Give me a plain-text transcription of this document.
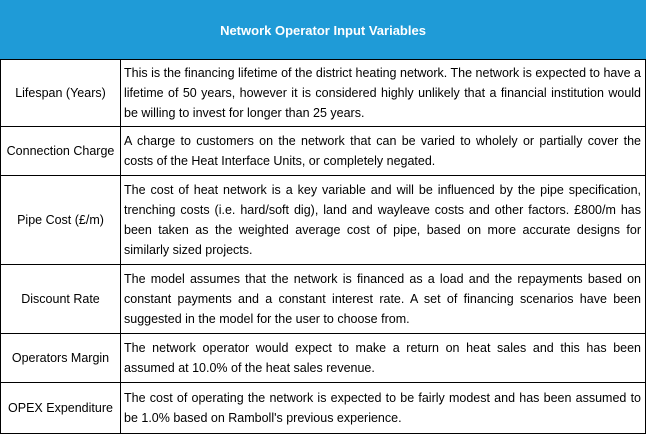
Network Operator Input Variables	
Lifespan (Years)	This is the financing lifetime of the district heating network. The network is expected to have a lifetime of 50 years, however it is considered highly unlikely that a financial institution would be willing to invest for longer than 25 years.
Connection Charge	A charge to customers on the network that can be varied to wholely or partially cover the costs of the Heat Interface Units, or completely negated.
Pipe Cost (£/m)	The cost of heat network is a key variable and will be influenced by the pipe specification, trenching costs (i.e. hard/soft dig), land and wayleave costs and other factors. £800/m has been taken as the weighted average cost of pipe, based on more accurate designs for similarly sized projects.
Discount Rate	The model assumes that the network is financed as a load and the repayments based on constant payments and a constant interest rate. A set of financing scenarios have been suggested in the model for the user to choose from.
Operators Margin	The network operator would expect to make a return on heat sales and this has been assumed at 10.0% of the heat sales revenue.
OPEX Expenditure	The cost of operating the network is expected to be fairly modest and has been assumed to be 1.0% based on Ramboll's previous experience.
